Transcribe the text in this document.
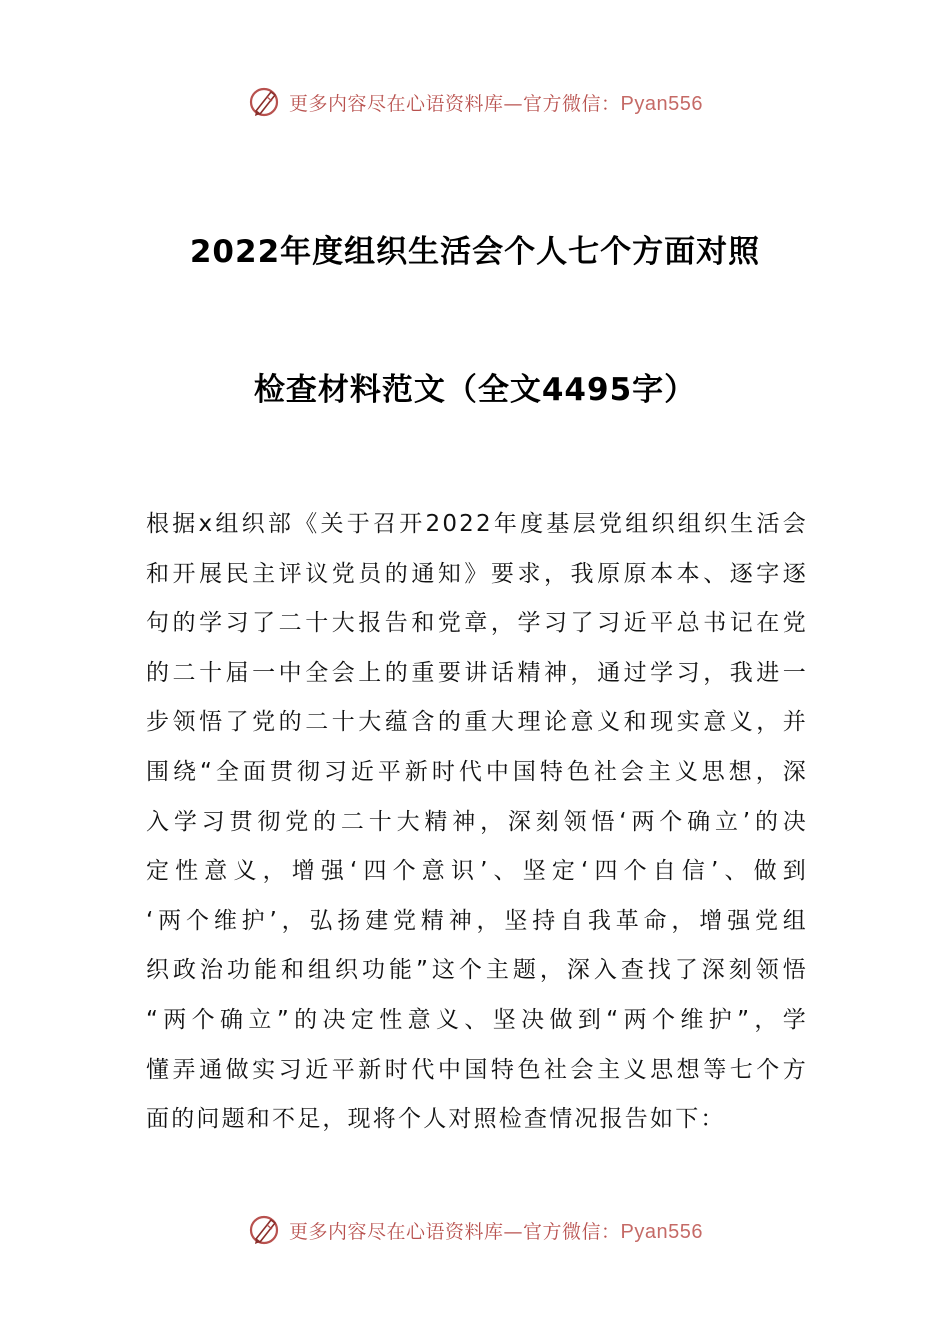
更多内容尽在心语资料库—官方微信：Pyan556
2022年度组织生活会个人七个方面对照
检查材料范文（全文4495字）
根据x组织部《关于召开2022年度基层党组织组织生活会
和开展民主评议党员的通知》要求，我原原本本、逐字逐
句的学习了二十大报告和党章，学习了习近平总书记在党
的二十届一中全会上的重要讲话精神，通过学习，我进一
步领悟了党的二十大蕴含的重大理论意义和现实意义，并
围绕“全面贯彻习近平新时代中国特色社会主义思想，深
入学习贯彻党的二十大精神，深刻领悟‘两个确立’的决
定性意义，增强‘四个意识’、坚定‘四个自信’、做到
‘两个维护’，弘扬建党精神，坚持自我革命，增强党组
织政治功能和组织功能”这个主题，深入查找了深刻领悟
“两个确立”的决定性意义、坚决做到“两个维护”，学
懂弄通做实习近平新时代中国特色社会主义思想等七个方
面的问题和不足，现将个人对照检查情况报告如下：
更多内容尽在心语资料库—官方微信：Pyan556
